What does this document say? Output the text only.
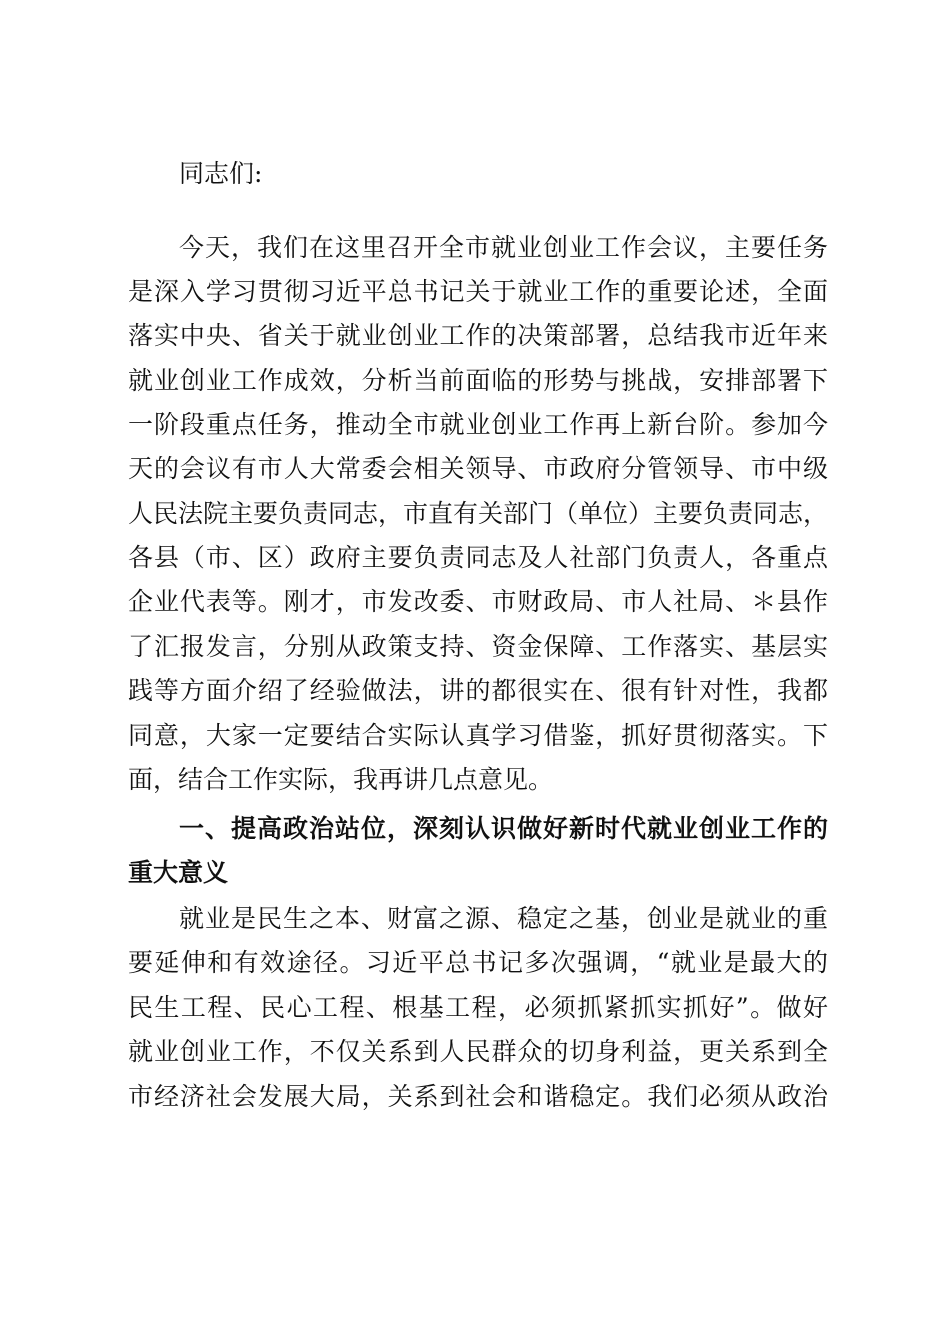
同志们:
今天，我们在这里召开全市就业创业工作会议，主要任务
是深入学习贯彻习近平总书记关于就业工作的重要论述，全面
落实中央、省关于就业创业工作的决策部署，总结我市近年来
就业创业工作成效，分析当前面临的形势与挑战，安排部署下
一阶段重点任务，推动全市就业创业工作再上新台阶。参加今
天的会议有市人大常委会相关领导、市政府分管领导、市中级
人民法院主要负责同志，市直有关部门（单位）主要负责同志，
各县（市、区）政府主要负责同志及人社部门负责人，各重点
企业代表等。刚才，市发改委、市财政局、市人社局、＊县作
了汇报发言，分别从政策支持、资金保障、工作落实、基层实
践等方面介绍了经验做法，讲的都很实在、很有针对性，我都
同意，大家一定要结合实际认真学习借鉴，抓好贯彻落实。下
面，结合工作实际，我再讲几点意见。
一、提高政治站位，深刻认识做好新时代就业创业工作的
重大意义
就业是民生之本、财富之源、稳定之基，创业是就业的重
要延伸和有效途径。习近平总书记多次强调，“就业是最大的
民生工程、民心工程、根基工程，必须抓紧抓实抓好”。做好
就业创业工作，不仅关系到人民群众的切身利益，更关系到全
市经济社会发展大局，关系到社会和谐稳定。我们必须从政治
